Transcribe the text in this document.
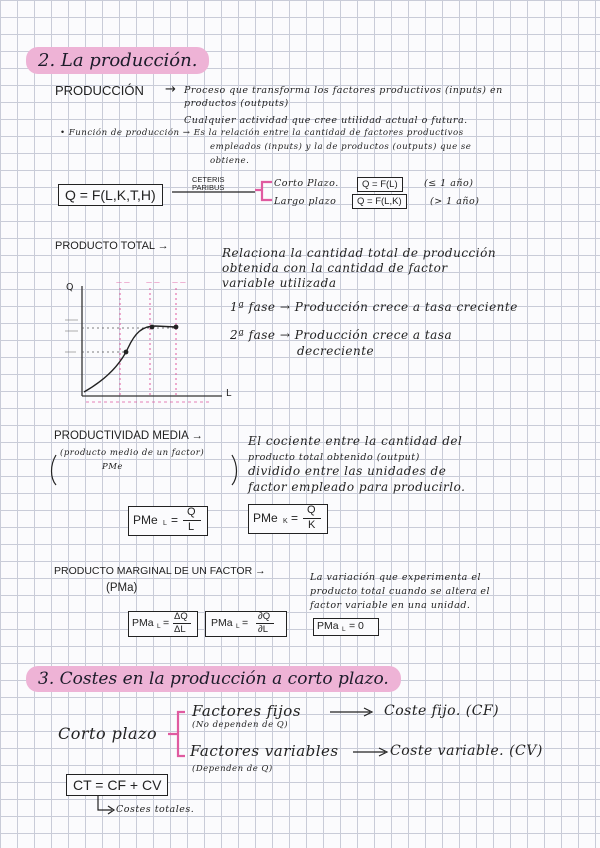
2. La producción.
PRODUCCIÓN → Proceso que transforma los factores productivos (inputs) en
productos (outputs)
Cualquier actividad que cree utilidad actual o futura.
• Función de producción → Es la relación entre la cantidad de factores productivos
empleados (inputs) y la de productos (outputs) que se
obtiene.
Q = F(L,K,T,H)
CETERIS
PARIBUS	Corto Plazo.	Q = F(L)	(≤ 1 año)
Largo plazo	Q = F(L,K)	(> 1 año)
PRODUCTO TOTAL →	Relaciona la cantidad total de producción
obtenida con la cantidad de factor
variable utilizada
1ª fase → Producción crece a tasa creciente
2ª fase → Producción crece a tasa
decreciente
— —	— — — —
Q
L
PRODUCTIVIDAD MEDIA →
(producto medio de un factor)
PMe
El cociente entre la cantidad del
producto total obtenido (output)
dividido entre las unidades de
factor empleado para producirlo.
PMe L =
Q
L
PMe K =
Q
K
PRODUCTO MARGINAL DE UN FACTOR →
(PMa)
La variación que experimenta el
producto total cuando se altera el
factor variable en una unidad.
PMa L =
ΔQ
ΔL
PMa L =
∂Q
∂L	PMa L = 0
3. Costes en la producción a corto plazo.
Corto plazo
Factores fijos
(No dependen de Q)
Coste fijo. (CF)
Factores variables
(Dependen de Q)
Coste variable. (CV)
CT = CF + CV
Costes totales.
